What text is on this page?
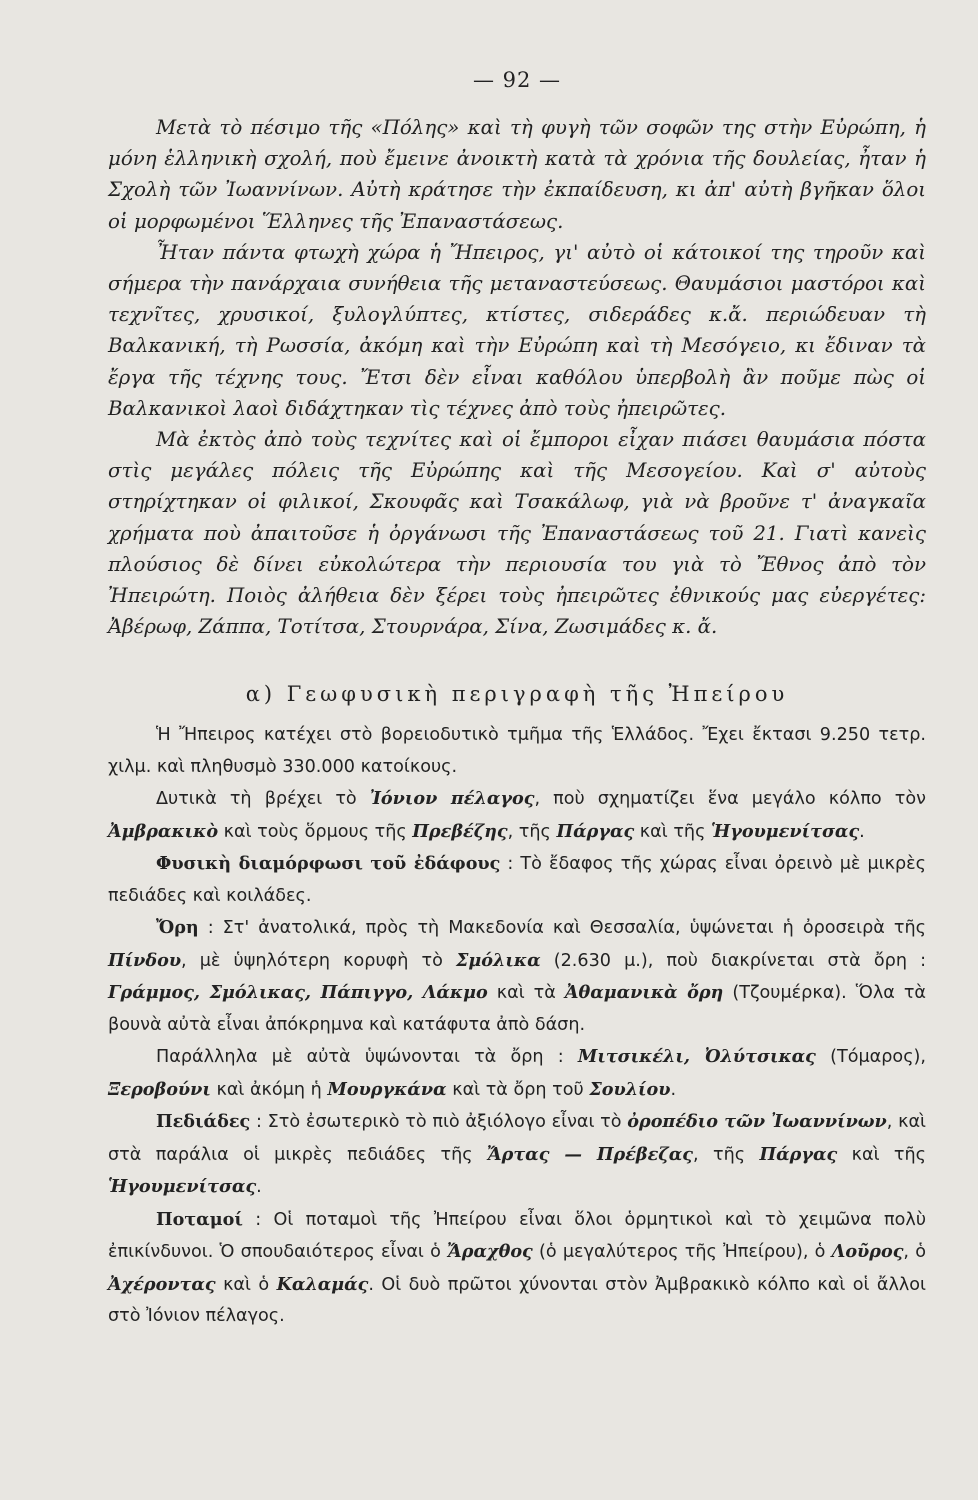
— 92 —

Μετὰ τὸ πέσιμο τῆς «Πόλης» καὶ τὴ φυγὴ τῶν σοφῶν της στὴν Εὐρώπη, ἡ μόνη ἑλληνικὴ σχολή, ποὺ ἔμεινε ἀνοικτὴ κατὰ τὰ χρόνια τῆς δουλείας, ἦταν ἡ Σχολὴ τῶν Ἰωαννίνων. Αὐτὴ κράτησε τὴν ἐκπαίδευση, κι ἀπ' αὐτὴ βγῆκαν ὅλοι οἱ μορφωμένοι Ἕλληνες τῆς Ἐπαναστάσεως.

Ἦταν πάντα φτωχὴ χώρα ἡ Ἤπειρος, γι' αὐτὸ οἱ κάτοικοί της τηροῦν καὶ σήμερα τὴν πανάρχαια συνήθεια τῆς μεταναστεύσεως. Θαυμάσιοι μαστόροι καὶ τεχνῖτες, χρυσικοί, ξυλογλύπτες, κτίστες, σιδεράδες κ.ἄ. περιώδευαν τὴ Βαλκανική, τὴ Ρωσσία, ἀκόμη καὶ τὴν Εὐρώπη καὶ τὴ Μεσόγειο, κι ἔδιναν τὰ ἔργα τῆς τέχνης τους. Ἔτσι δὲν εἶναι καθόλου ὑπερβολὴ ἂν ποῦμε πὼς οἱ Βαλκανικοὶ λαοὶ διδάχτηκαν τὶς τέχνες ἀπὸ τοὺς ἠπειρῶτες.

Μὰ ἐκτὸς ἀπὸ τοὺς τεχνίτες καὶ οἱ ἔμποροι εἶχαν πιάσει θαυμάσια πόστα στὶς μεγάλες πόλεις τῆς Εὐρώπης καὶ τῆς Μεσογείου. Καὶ σ' αὐτοὺς στηρίχτηκαν οἱ φιλικοί, Σκουφᾶς καὶ Τσακάλωφ, γιὰ νὰ βροῦνε τ' ἀναγκαῖα χρήματα ποὺ ἀπαιτοῦσε ἡ ὀργάνωσι τῆς Ἐπαναστάσεως τοῦ 21. Γιατὶ κανεὶς πλούσιος δὲ δίνει εὐκολώτερα τὴν περιουσία του γιὰ τὸ Ἔθνος ἀπὸ τὸν Ἠπειρώτη. Ποιὸς ἀλήθεια δὲν ξέρει τοὺς ἠπειρῶτες ἐθνικούς μας εὐεργέτες: Ἀβέρωφ, Ζάππα, Τοτίτσα, Στουρνάρα, Σίνα, Ζωσιμάδες κ. ἄ.

α) Γεωφυσικὴ περιγραφὴ τῆς Ἠπείρου

Ἡ Ἤπειρος κατέχει στὸ βορειοδυτικὸ τμῆμα τῆς Ἑλλάδος. Ἔχει ἔκτασι 9.250 τετρ. χιλμ. καὶ πληθυσμὸ 330.000 κατοίκους.

Δυτικὰ τὴ βρέχει τὸ Ἰόνιον πέλαγος, ποὺ σχηματίζει ἕνα μεγάλο κόλπο τὸν Ἀμβρακικὸ καὶ τοὺς ὅρμους τῆς Πρεβέζης, τῆς Πάργας καὶ τῆς Ἡγουμενίτσας.

Φυσικὴ διαμόρφωσι τοῦ ἐδάφους : Τὸ ἔδαφος τῆς χώρας εἶναι ὀρεινὸ μὲ μικρὲς πεδιάδες καὶ κοιλάδες.

Ὄρη : Στ' ἀνατολικά, πρὸς τὴ Μακεδονία καὶ Θεσσαλία, ὑψώνεται ἡ ὀροσειρὰ τῆς Πίνδου, μὲ ὑψηλότερη κορυφὴ τὸ Σμόλικα (2.630 μ.), ποὺ διακρίνεται στὰ ὄρη : Γράμμος, Σμόλικας, Πάπιγγο, Λάκμο καὶ τὰ Ἀθαμανικὰ ὄρη (Τζουμέρκα). Ὅλα τὰ βουνὰ αὐτὰ εἶναι ἀπόκρημνα καὶ κατάφυτα ἀπὸ δάση.

Παράλληλα μὲ αὐτὰ ὑψώνονται τὰ ὄρη : Μιτσικέλι, Ὀλύτσικας (Τόμαρος), Ξεροβούνι καὶ ἀκόμη ἡ Μουργκάνα καὶ τὰ ὄρη τοῦ Σουλίου.

Πεδιάδες : Στὸ ἐσωτερικὸ τὸ πιὸ ἀξιόλογο εἶναι τὸ ὀροπέδιο τῶν Ἰωαννίνων, καὶ στὰ παράλια οἱ μικρὲς πεδιάδες τῆς Ἄρτας — Πρέβεζας, τῆς Πάργας καὶ τῆς Ἡγουμενίτσας.

Ποταμοί : Οἱ ποταμοὶ τῆς Ἠπείρου εἶναι ὅλοι ὁρμητικοὶ καὶ τὸ χειμῶνα πολὺ ἐπικίνδυνοι. Ὁ σπουδαιότερος εἶναι ὁ Ἄραχθος (ὁ μεγαλύτερος τῆς Ἠπείρου), ὁ Λοῦρος, ὁ Ἀχέροντας καὶ ὁ Καλαμάς. Οἱ δυὸ πρῶτοι χύνονται στὸν Ἀμβρακικὸ κόλπο καὶ οἱ ἄλλοι στὸ Ἰόνιον πέλαγος.
